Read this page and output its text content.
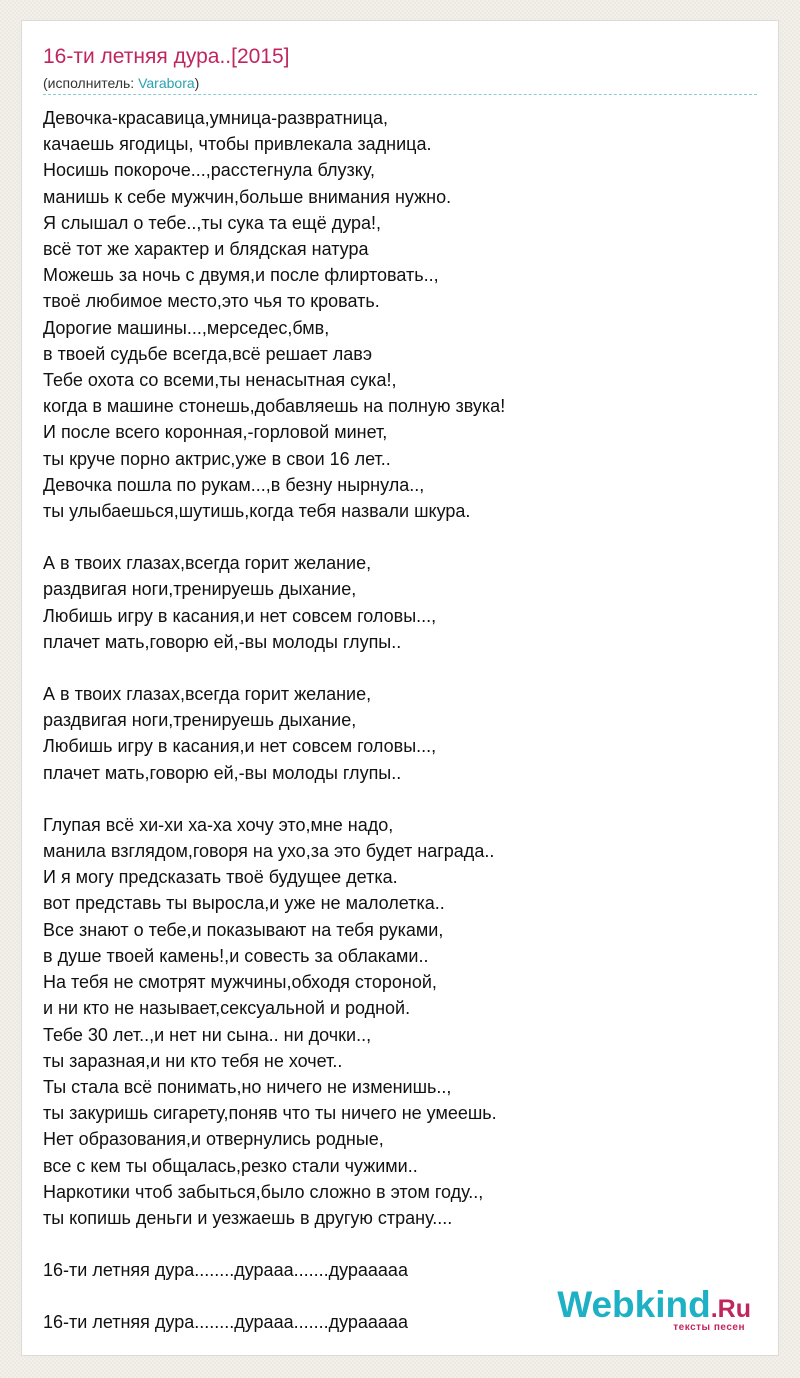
16-ти летняя дура..[2015]
(исполнитель: Varabora)
Девочка-красавица,умница-развратница,
качаешь ягодицы, чтобы привлекала задница.
Носишь покороче...,расстегнула блузку,
манишь к себе мужчин,больше внимания нужно.
Я слышал о тебе..,ты сука та ещё дура!,
всё тот же характер и блядская натура
Можешь за ночь с двумя,и после флиртовать..,
твоё любимое место,это чья то кровать.
Дорогие машины...,мерседес,бмв,
в твоей судьбе всегда,всё решает лавэ
Тебе охота со всеми,ты ненасытная сука!,
когда в машине стонешь,добавляешь на полную звука!
И после всего коронная,-горловой минет,
ты круче порно актрис,уже в свои 16 лет..
Девочка пошла по рукам...,в безну нырнула..,
ты улыбаешься,шутишь,когда тебя назвали шкура.
А в твоих глазах,всегда горит желание,
раздвигая ноги,тренируешь дыхание,
Любишь игру в касания,и нет совсем головы...,
плачет мать,говорю ей,-вы молоды глупы..
А в твоих глазах,всегда горит желание,
раздвигая ноги,тренируешь дыхание,
Любишь игру в касания,и нет совсем головы...,
плачет мать,говорю ей,-вы молоды глупы..
Глупая всё хи-хи ха-ха хочу это,мне надо,
манила взглядом,говоря на ухо,за это будет награда..
И я могу предсказать твоё будущее детка.
вот представь ты выросла,и уже не малолетка..
Все знают о тебе,и показывают на тебя руками,
в душе твоей камень!,и совесть за облаками..
На тебя не смотрят мужчины,обходя стороной,
и ни кто не называет,сексуальной и родной.
Тебе 30 лет..,и нет ни сына.. ни дочки..,
ты заразная,и ни кто тебя не хочет..
Ты стала всё понимать,но ничего не изменишь..,
ты закуришь сигарету,поняв что ты ничего не умеешь.
Нет образования,и отвернулись родные,
все с кем ты общалась,резко стали чужими..
Наркотики чтоб забыться,было сложно в этом году..,
ты копишь деньги и уезжаешь в другую страну....
16-ти летняя дура........дурааа.......дураааaa
16-ти летняя дура........дурааа.......дураааaa	Webkind.Ru
тексты песен
